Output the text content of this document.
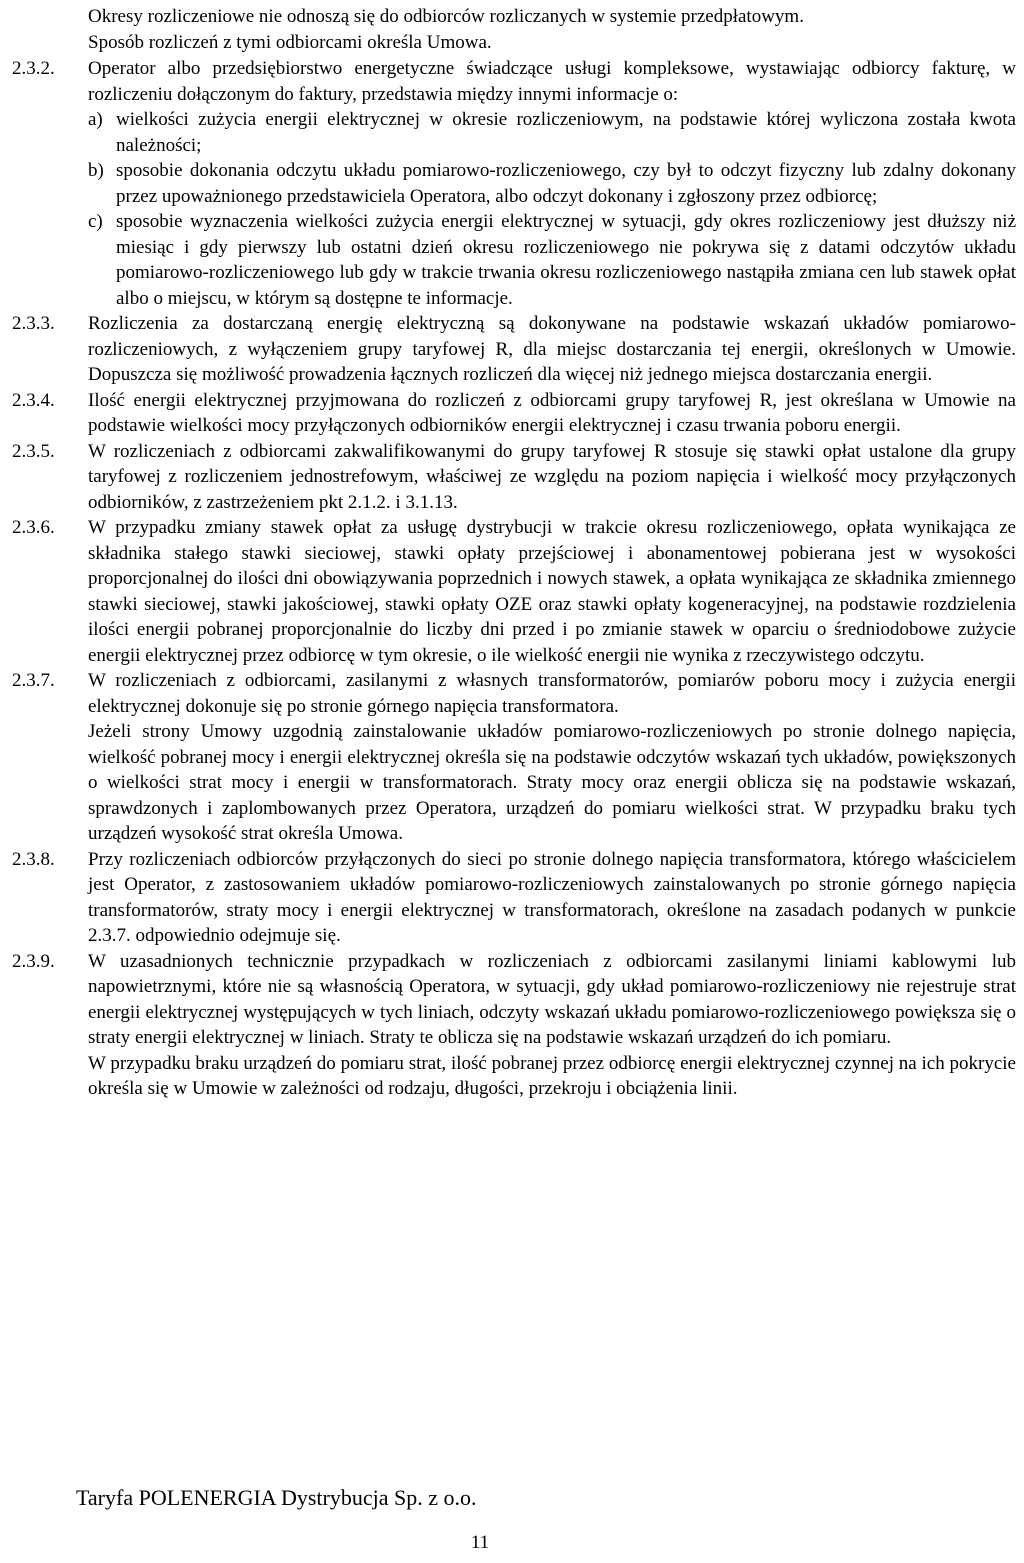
Okresy rozliczeniowe nie odnoszą się do odbiorców rozliczanych w systemie przedpłatowym.
Sposób rozliczeń z tymi odbiorcami określa Umowa.
2.3.2.	Operator albo przedsiębiorstwo energetyczne świadczące usługi kompleksowe, wystawiając odbiorcy fakturę, w rozliczeniu dołączonym do faktury, przedstawia między innymi informacje o:

a) wielkości zużycia energii elektrycznej w okresie rozliczeniowym, na podstawie której wyliczona została kwota należności;
b) sposobie dokonania odczytu układu pomiarowo-rozliczeniowego, czy był to odczyt fizyczny lub zdalny dokonany przez upoważnionego przedstawiciela Operatora, albo odczyt dokonany i zgłoszony przez odbiorcę;
c) sposobie wyznaczenia wielkości zużycia energii elektrycznej w sytuacji, gdy okres rozliczeniowy jest dłuższy niż miesiąc i gdy pierwszy lub ostatni dzień okresu rozliczeniowego nie pokrywa się z datami odczytów układu pomiarowo-rozliczeniowego lub gdy w trakcie trwania okresu rozliczeniowego nastąpiła zmiana cen lub stawek opłat albo o miejscu, w którym są dostępne te informacje.
2.3.3.	Rozliczenia za dostarczaną energię elektryczną są dokonywane na podstawie wskazań układów pomiarowo-rozliczeniowych, z wyłączeniem grupy taryfowej R, dla miejsc dostarczania tej energii, określonych w Umowie. Dopuszcza się możliwość prowadzenia łącznych rozliczeń dla więcej niż jednego miejsca dostarczania energii.

2.3.4.	Ilość energii elektrycznej przyjmowana do rozliczeń z odbiorcami grupy taryfowej R, jest określana w Umowie na podstawie wielkości mocy przyłączonych odbiorników energii elektrycznej i czasu trwania poboru energii.

2.3.5.	W rozliczeniach z odbiorcami zakwalifikowanymi do grupy taryfowej R stosuje się stawki opłat ustalone dla grupy taryfowej z rozliczeniem jednostrefowym, właściwej ze względu na poziom napięcia i wielkość mocy przyłączonych odbiorników, z zastrzeżeniem pkt 2.1.2. i 3.1.13.

2.3.6.	W przypadku zmiany stawek opłat za usługę dystrybucji w trakcie okresu rozliczeniowego, opłata wynikająca ze składnika stałego stawki sieciowej, stawki opłaty przejściowej i abonamentowej pobierana jest w wysokości proporcjonalnej do ilości dni obowiązywania poprzednich i nowych stawek, a opłata wynikająca ze składnika zmiennego stawki sieciowej, stawki jakościowej, stawki opłaty OZE oraz stawki opłaty kogeneracyjnej, na podstawie rozdzielenia ilości energii pobranej proporcjonalnie do liczby dni przed i po zmianie stawek w oparciu o średniodobowe zużycie energii elektrycznej przez odbiorcę w tym okresie, o ile wielkość energii nie wynika z rzeczywistego odczytu.

2.3.7.	W rozliczeniach z odbiorcami, zasilanymi z własnych transformatorów, pomiarów poboru mocy i zużycia energii elektrycznej dokonuje się po stronie górnego napięcia transformatora.

Jeżeli strony Umowy uzgodnią zainstalowanie układów pomiarowo-rozliczeniowych po stronie dolnego napięcia, wielkość pobranej mocy i energii elektrycznej określa się na podstawie odczytów wskazań tych układów, powiększonych o wielkości strat mocy i energii w transformatorach. Straty mocy oraz energii oblicza się na podstawie wskazań, sprawdzonych i zaplombowanych przez Operatora, urządzeń do pomiaru wielkości strat. W przypadku braku tych urządzeń wysokość strat określa Umowa.

2.3.8.	Przy rozliczeniach odbiorców przyłączonych do sieci po stronie dolnego napięcia transformatora, którego właścicielem jest Operator, z zastosowaniem układów pomiarowo-rozliczeniowych zainstalowanych po stronie górnego napięcia transformatorów, straty mocy i energii elektrycznej w transformatorach, określone na zasadach podanych w punkcie 2.3.7. odpowiednio odejmuje się.

2.3.9.	W uzasadnionych technicznie przypadkach w rozliczeniach z odbiorcami zasilanymi liniami kablowymi lub napowietrznymi, które nie są własnością Operatora, w sytuacji, gdy układ pomiarowo-rozliczeniowy nie rejestruje strat energii elektrycznej występujących w tych liniach, odczyty wskazań układu pomiarowo-rozliczeniowego powiększa się o straty energii elektrycznej w liniach. Straty te oblicza się na podstawie wskazań urządzeń do ich pomiaru.

W przypadku braku urządzeń do pomiaru strat, ilość pobranej przez odbiorcę energii elektrycznej czynnej na ich pokrycie określa się w Umowie w zależności od rodzaju, długości, przekroju i obciążenia linii.

Taryfa POLENERGIA Dystrybucja Sp. z o.o.
11
